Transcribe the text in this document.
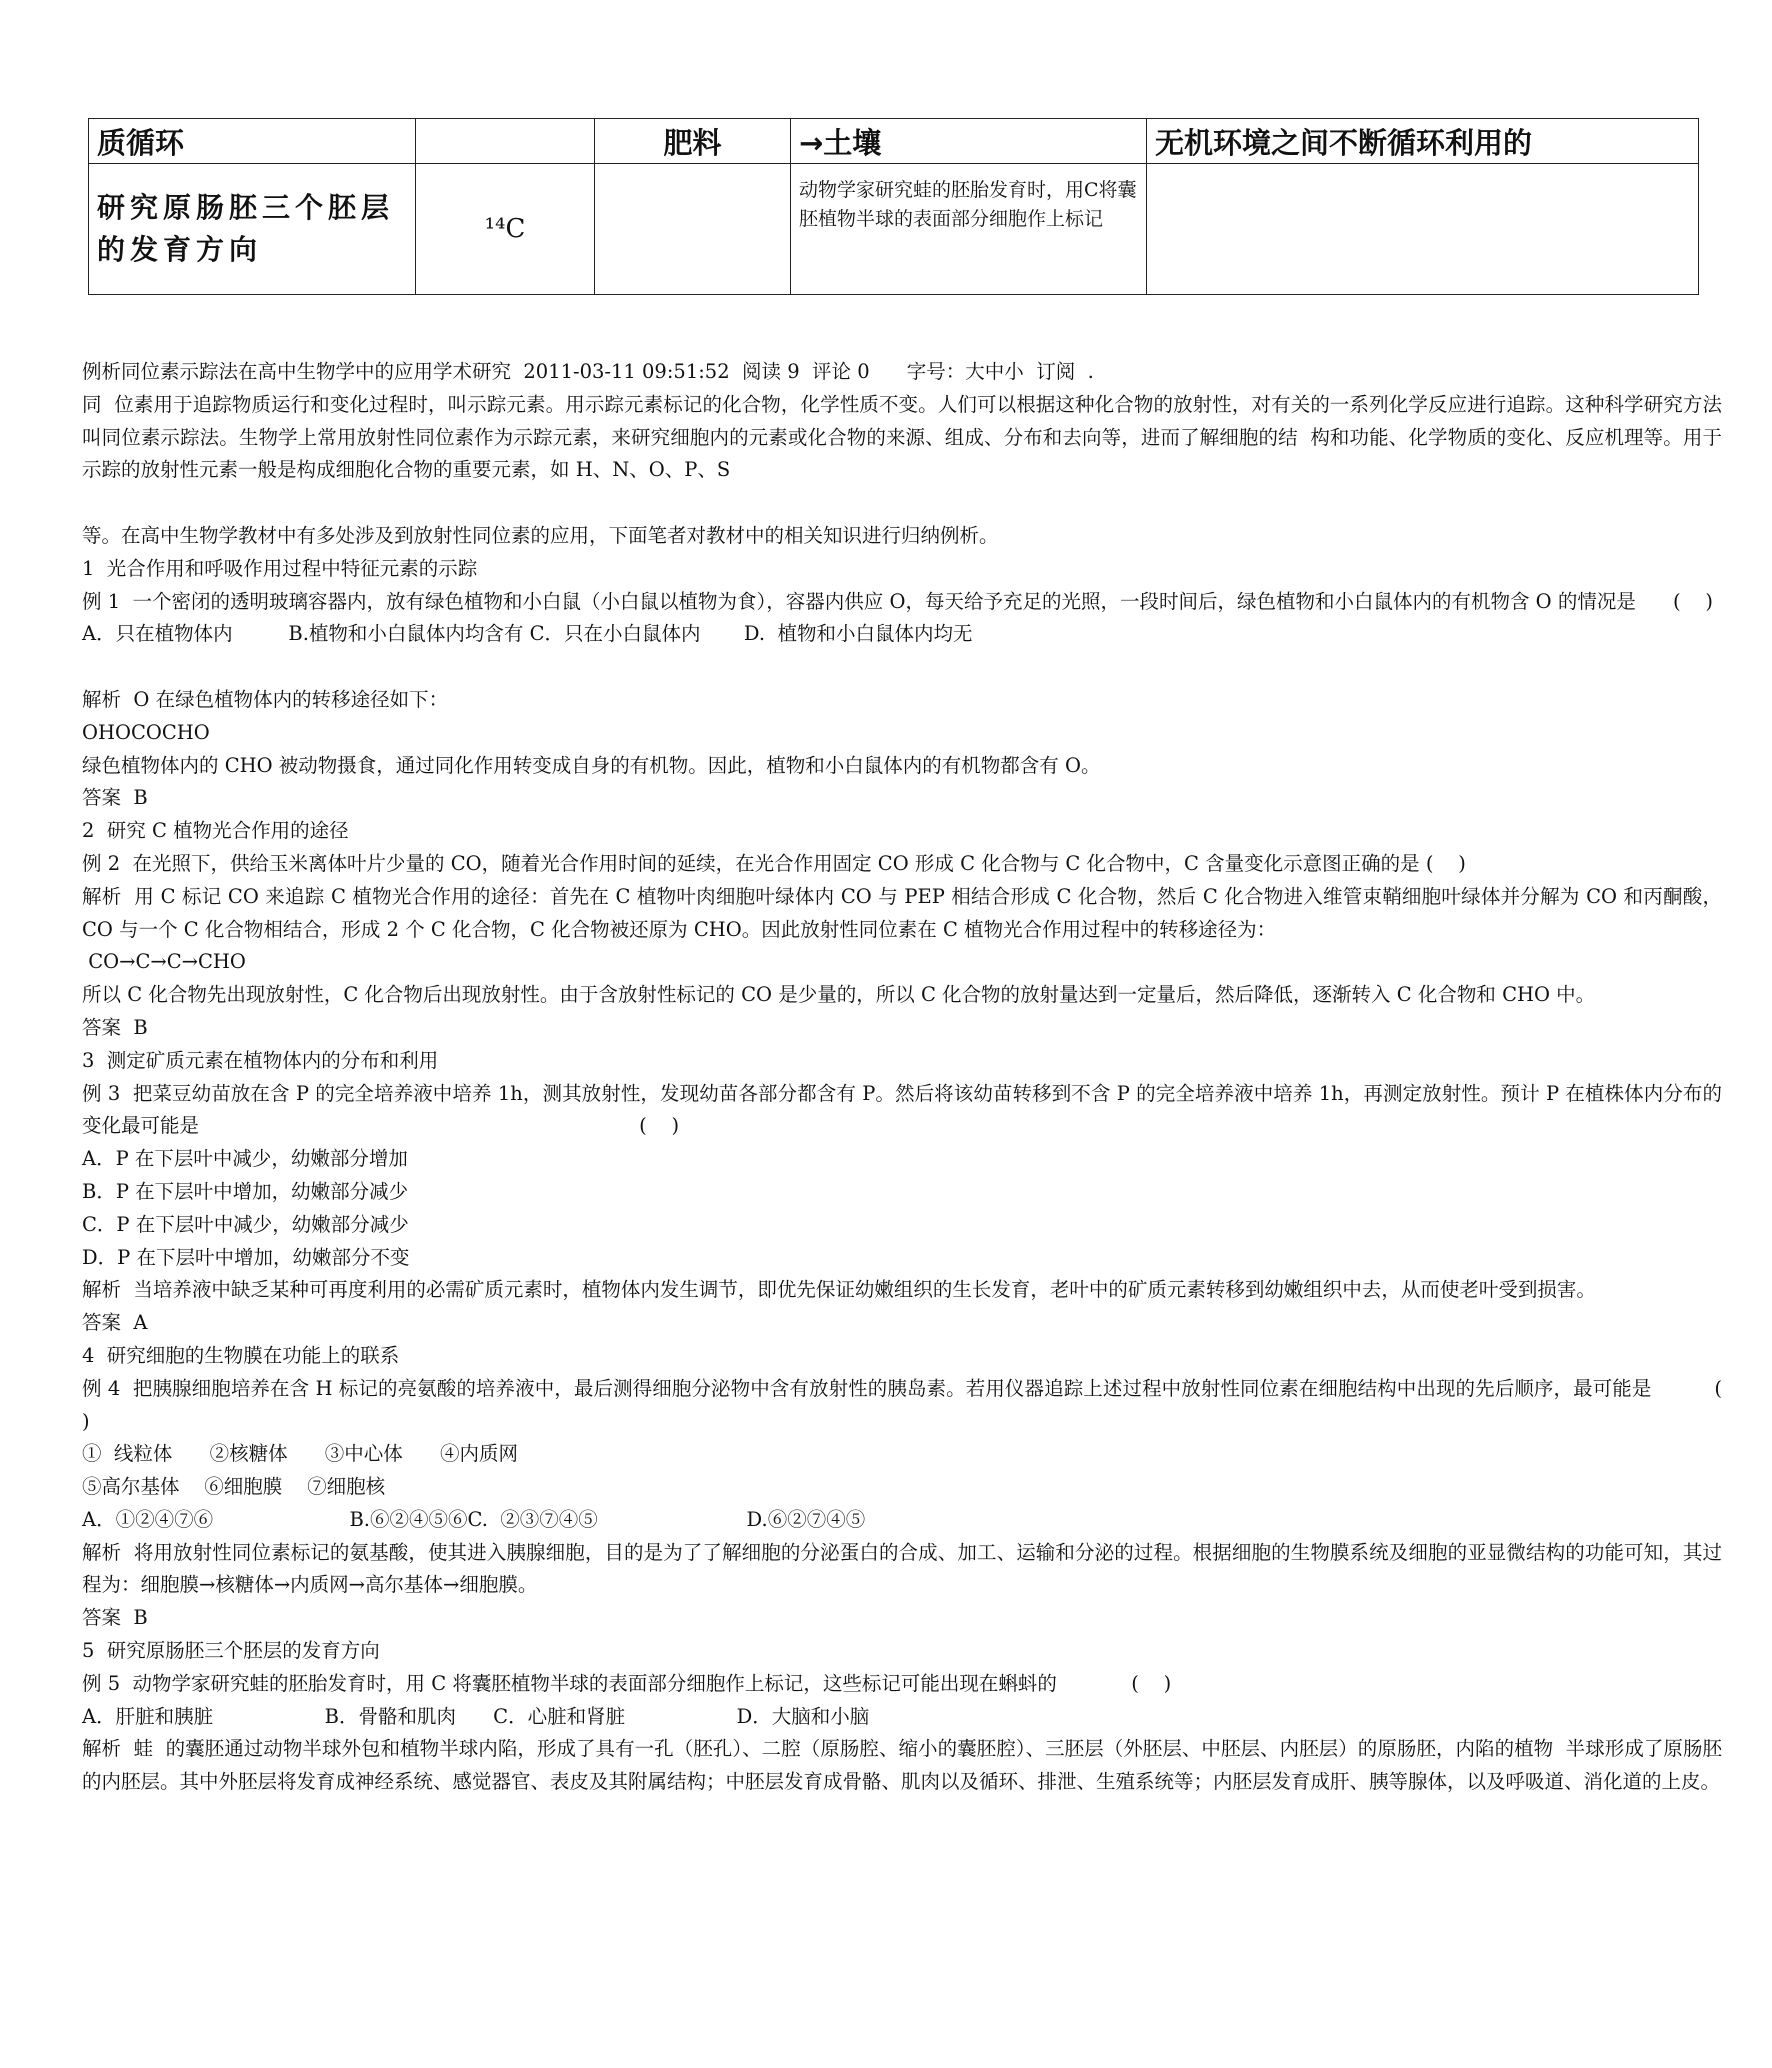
质循环		肥料	→土壤	无机环境之间不断循环利用的
研究原肠胚三个胚层的发育方向	¹⁴C		动物学家研究蛙的胚胎发育时，用C将囊胚植物半球的表面部分细胞作上标记	

例析同位素示踪法在高中生物学中的应用学术研究  2011-03-11 09:51:52  阅读 9  评论 0      字号：大中小  订阅  .

同  位素用于追踪物质运行和变化过程时，叫示踪元素。用示踪元素标记的化合物，化学性质不变。人们可以根据这种化合物的放射性，对有关的一系列化学反应进行追踪。这种科学研究方法叫同位素示踪法。生物学上常用放射性同位素作为示踪元素，来研究细胞内的元素或化合物的来源、组成、分布和去向等，进而了解细胞的结  构和功能、化学物质的变化、反应机理等。用于示踪的放射性元素一般是构成细胞化合物的重要元素，如 H、N、O、P、S

等。在高中生物学教材中有多处涉及到放射性同位素的应用，下面笔者对教材中的相关知识进行归纳例析。

1  光合作用和呼吸作用过程中特征元素的示踪

例 1  一个密闭的透明玻璃容器内，放有绿色植物和小白鼠（小白鼠以植物为食），容器内供应 O，每天给予充足的光照，一段时间后，绿色植物和小白鼠体内的有机物含 O 的情况是      (    )

A．只在植物体内         B.植物和小白鼠体内均含有 C．只在小白鼠体内       D.  植物和小白鼠体内均无

解析  O 在绿色植物体内的转移途径如下：

OHOCOCHO

绿色植物体内的 CHO 被动物摄食，通过同化作用转变成自身的有机物。因此，植物和小白鼠体内的有机物都含有 O。

答案  B

2  研究 C 植物光合作用的途径

例 2  在光照下，供给玉米离体叶片少量的 CO，随着光合作用时间的延续，在光合作用固定 CO 形成 C 化合物与 C 化合物中，C 含量变化示意图正确的是 (    )

解析  用 C 标记 CO 来追踪 C 植物光合作用的途径：首先在 C 植物叶肉细胞叶绿体内 CO 与 PEP 相结合形成 C 化合物，然后 C 化合物进入维管束鞘细胞叶绿体并分解为 CO 和丙酮酸，CO 与一个 C 化合物相结合，形成 2 个 C 化合物，C 化合物被还原为 CHO。因此放射性同位素在 C 植物光合作用过程中的转移途径为：

CO→C→C→CHO

所以 C 化合物先出现放射性，C 化合物后出现放射性。由于含放射性标记的 CO 是少量的，所以 C 化合物的放射量达到一定量后，然后降低，逐渐转入 C 化合物和 CHO 中。

答案  B

3  测定矿质元素在植物体内的分布和利用

例 3  把菜豆幼苗放在含 P 的完全培养液中培养 1h，测其放射性，发现幼苗各部分都含有 P。然后将该幼苗转移到不含 P 的完全培养液中培养 1h，再测定放射性。预计 P 在植株体内分布的变化最可能是                                                                       (    )

A．P 在下层叶中减少，幼嫩部分增加

B．P 在下层叶中增加，幼嫩部分减少

C．P 在下层叶中减少，幼嫩部分减少

D．P 在下层叶中增加，幼嫩部分不变

解析  当培养液中缺乏某种可再度利用的必需矿质元素时，植物体内发生调节，即优先保证幼嫩组织的生长发育，老叶中的矿质元素转移到幼嫩组织中去，从而使老叶受到损害。

答案  A

4  研究细胞的生物膜在功能上的联系

例 4  把胰腺细胞培养在含 H 标记的亮氨酸的培养液中，最后测得细胞分泌物中含有放射性的胰岛素。若用仪器追踪上述过程中放射性同位素在细胞结构中出现的先后顺序，最可能是          (    )

①  线粒体      ②核糖体      ③中心体      ④内质网

⑤高尔基体    ⑥细胞膜    ⑦细胞核

A．①②④⑦⑥                      B.⑥②④⑤⑥C.  ②③⑦④⑤                        D.⑥②⑦④⑤

解析  将用放射性同位素标记的氨基酸，使其进入胰腺细胞，目的是为了了解细胞的分泌蛋白的合成、加工、运输和分泌的过程。根据细胞的生物膜系统及细胞的亚显微结构的功能可知，其过程为：细胞膜→核糖体→内质网→高尔基体→细胞膜。

答案  B

5  研究原肠胚三个胚层的发育方向

例 5  动物学家研究蛙的胚胎发育时，用 C 将囊胚植物半球的表面部分细胞作上标记，这些标记可能出现在蝌蚪的            (    )

A．肝脏和胰脏                  B．骨骼和肌肉      C．心脏和肾脏                  D．大脑和小脑

解析  蛙  的囊胚通过动物半球外包和植物半球内陷，形成了具有一孔（胚孔）、二腔（原肠腔、缩小的囊胚腔）、三胚层（外胚层、中胚层、内胚层）的原肠胚，内陷的植物  半球形成了原肠胚的内胚层。其中外胚层将发育成神经系统、感觉器官、表皮及其附属结构；中胚层发育成骨骼、肌肉以及循环、排泄、生殖系统等；内胚层发育成肝、胰等腺体，以及呼吸道、消化道的上皮。
